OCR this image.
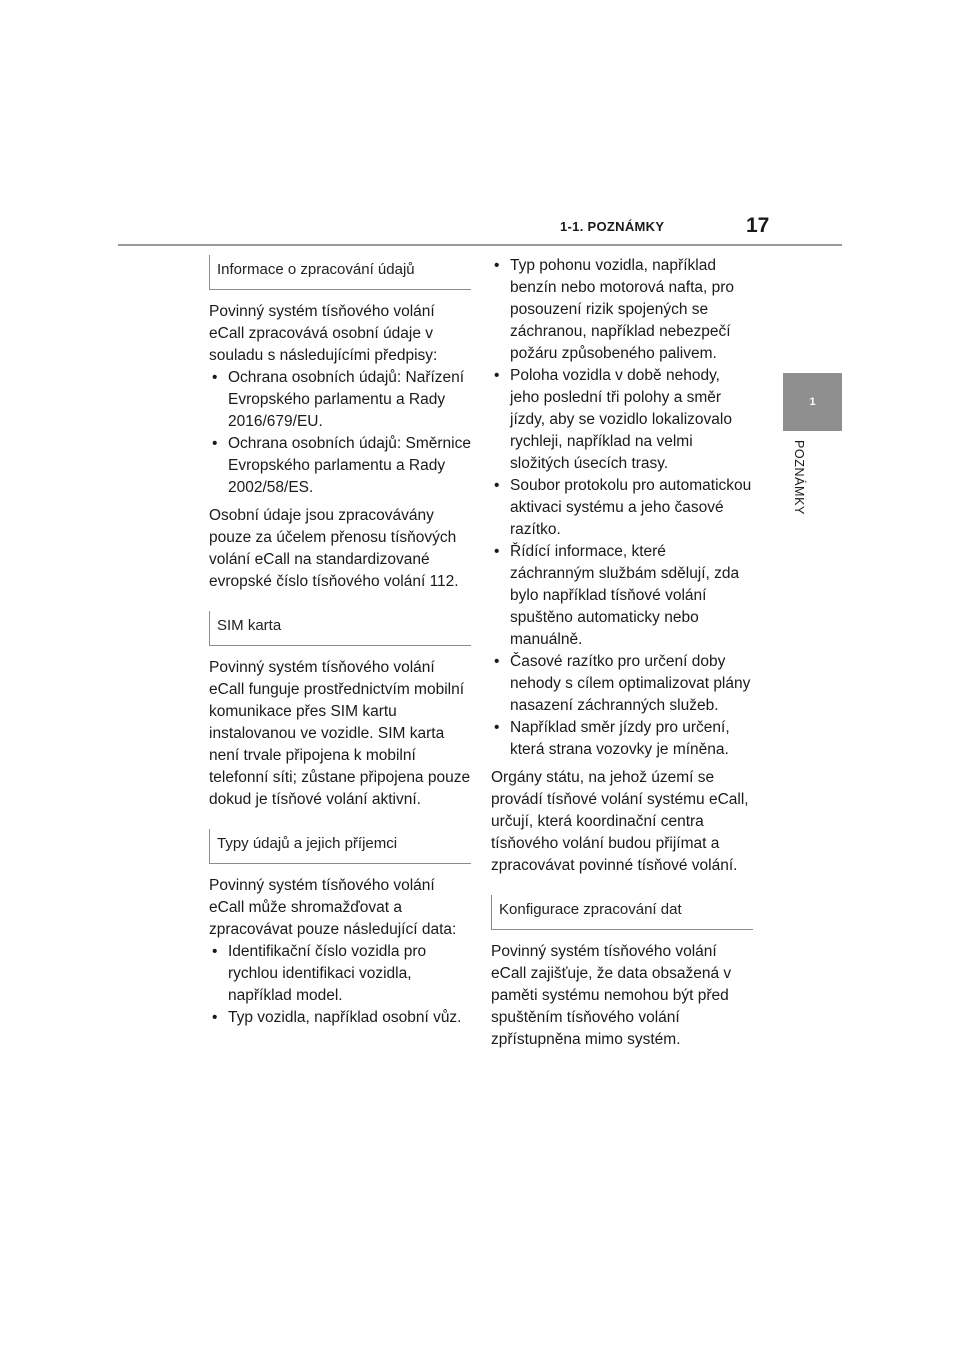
1-1. POZNÁMKY	17
1
POZNÁMKY
Informace o zpracování údajů

Povinný systém tísňového volání eCall zpracovává osobní údaje v souladu s následujícími předpisy:

• Ochrana osobních údajů: Nařízení Evropského parlamentu a Rady 2016/679/EU.
• Ochrana osobních údajů: Směrnice Evropského parlamentu a Rady 2002/58/ES.

Osobní údaje jsou zpracovávány pouze za účelem přenosu tísňových volání eCall na standardizované evropské číslo tísňového volání 112.

SIM karta

Povinný systém tísňového volání eCall funguje prostřednictvím mobilní komunikace přes SIM kartu instalovanou ve vozidle. SIM karta není trvale připojena k mobilní telefonní síti; zůstane připojena pouze dokud je tísňové volání aktivní.

Typy údajů a jejich příjemci

Povinný systém tísňového volání eCall může shromažďovat a zpracovávat pouze následující data:

• Identifikační číslo vozidla pro rychlou identifikaci vozidla, například model.
• Typ vozidla, například osobní vůz.
• Typ pohonu vozidla, například benzín nebo motorová nafta, pro posouzení rizik spojených se záchranou, například nebezpečí požáru způsobeného palivem.
• Poloha vozidla v době nehody, jeho poslední tři polohy a směr jízdy, aby se vozidlo lokalizovalo rychleji, například na velmi složitých úsecích trasy.
• Soubor protokolu pro automatickou aktivaci systému a jeho časové razítko.
• Řídící informace, které záchranným službám sdělují, zda bylo například tísňové volání spuštěno automaticky nebo manuálně.
• Časové razítko pro určení doby nehody s cílem optimalizovat plány nasazení záchranných služeb.
• Například směr jízdy pro určení, která strana vozovky je míněna.

Orgány státu, na jehož území se provádí tísňové volání systému eCall, určují, která koordinační centra tísňového volání budou přijímat a zpracovávat povinné tísňové volání.

Konfigurace zpracování dat

Povinný systém tísňového volání eCall zajišťuje, že data obsažená v paměti systému nemohou být před spuštěním tísňového volání zpřístupněna mimo systém.
